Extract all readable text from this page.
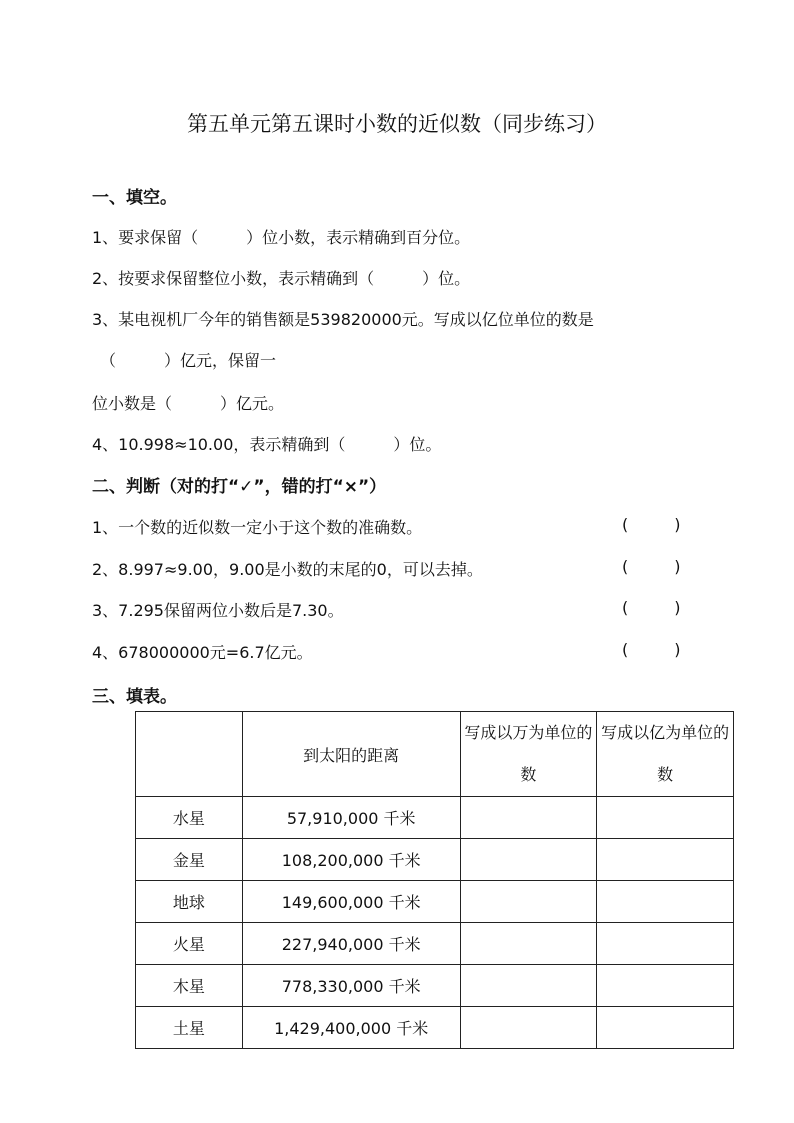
第五单元第五课时小数的近似数（同步练习）
一、填空。
1、要求保留（　　　）位小数，表示精确到百分位。
2、按要求保留整位小数，表示精确到（　　　）位。
3、某电视机厂今年的销售额是539820000元。写成以亿位单位的数是
（　　　）亿元，保留一
位小数是（　　　）亿元。
4、10.998≈10.00，表示精确到（　　　）位。
二、判断（对的打“✓”，错的打“×”）
1、一个数的近似数一定小于这个数的准确数。	(	)
2、8.997≈9.00，9.00是小数的末尾的0，可以去掉。	(	)
3、7.295保留两位小数后是7.30。	(	)
4、678000000元=6.7亿元。	(	)
三、填表。
	到太阳的距离	写成以万为单位的数	写成以亿为单位的数
水星	57,910,000 千米		
金星	108,200,000 千米		
地球	149,600,000 千米		
火星	227,940,000 千米		
木星	778,330,000 千米		
土星	1,429,400,000 千米		
